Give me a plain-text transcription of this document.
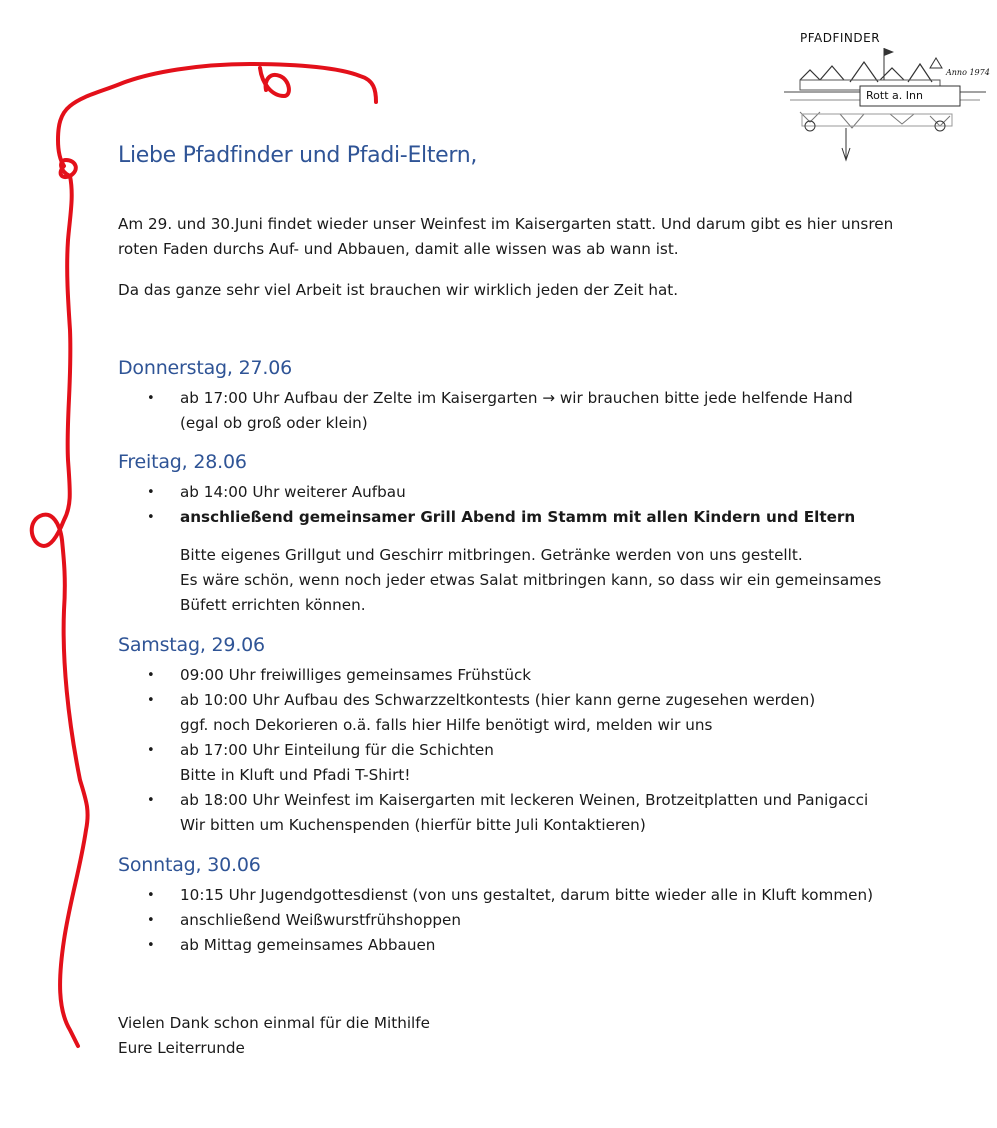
PFADFINDER
Anno 1974
Rott a. Inn
Liebe Pfadfinder und Pfadi-Eltern,

Am 29. und 30.Juni findet wieder unser Weinfest im Kaisergarten statt. Und darum gibt es hier unsren
roten Faden durchs Auf- und Abbauen, damit alle wissen was ab wann ist.

Da das ganze sehr viel Arbeit ist brauchen wir wirklich jeden der Zeit hat.

Donnerstag, 27.06
• ab 17:00 Uhr Aufbau der Zelte im Kaisergarten → wir brauchen bitte jede helfende Hand
(egal ob groß oder klein)
Freitag, 28.06
• ab 14:00 Uhr weiterer Aufbau
• anschließend gemeinsamer Grill Abend im Stamm mit allen Kindern und Eltern

Bitte eigenes Grillgut und Geschirr mitbringen. Getränke werden von uns gestellt.
Es wäre schön, wenn noch jeder etwas Salat mitbringen kann, so dass wir ein gemeinsames
Büfett errichten können.

Samstag, 29.06
• 09:00 Uhr freiwilliges gemeinsames Frühstück
• ab 10:00 Uhr Aufbau des Schwarzzeltkontests (hier kann gerne zugesehen werden)
ggf. noch Dekorieren o.ä. falls hier Hilfe benötigt wird, melden wir uns
• ab 17:00 Uhr Einteilung für die Schichten
Bitte in Kluft und Pfadi T-Shirt!
• ab 18:00 Uhr Weinfest im Kaisergarten mit leckeren Weinen, Brotzeitplatten und Panigacci
Wir bitten um Kuchenspenden (hierfür bitte Juli Kontaktieren)
Sonntag, 30.06
• 10:15 Uhr Jugendgottesdienst (von uns gestaltet, darum bitte wieder alle in Kluft kommen)
• anschließend Weißwurstfrühshoppen
• ab Mittag gemeinsames Abbauen

Vielen Dank schon einmal für die Mithilfe
Eure Leiterrunde
